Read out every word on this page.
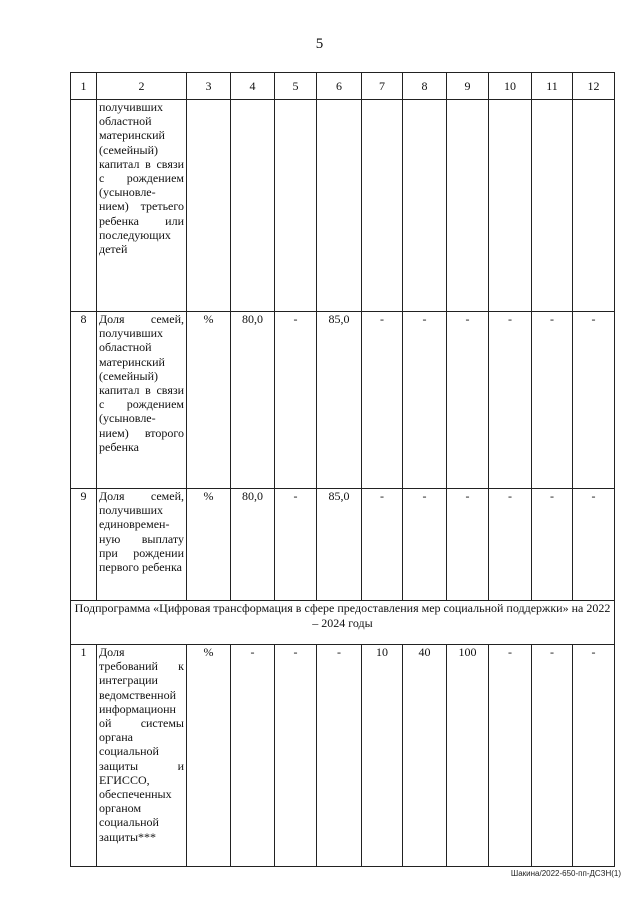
5
1	2	3	4	5	6	7	8	9	10	11	12
	получивших областной материнский (семейный) капитал в связи с рождением (усыновле-нием) третьего ребенка или последующих детей										
8	Доля семей, получивших областной материнский (семейный) капитал в связи с рождением (усыновле-нием) второго ребенка	%	80,0	-	85,0	-	-	-	-	-	-
9	Доля семей, получивших единовремен-ную выплату при рождении первого ребенка	%	80,0	-	85,0	-	-	-	-	-	-
Подпрограмма «Цифровая трансформация в сфере предоставления мер социальной поддержки» на 2022 – 2024 годы											
1	Доля требований к интеграции ведомственной информационн ой системы органа социальной защиты и ЕГИССО, обеспеченных органом социальной защиты***	%	-	-	-	10	40	100	-	-	-
Шакина/2022-650-пп-ДСЗН(1)
